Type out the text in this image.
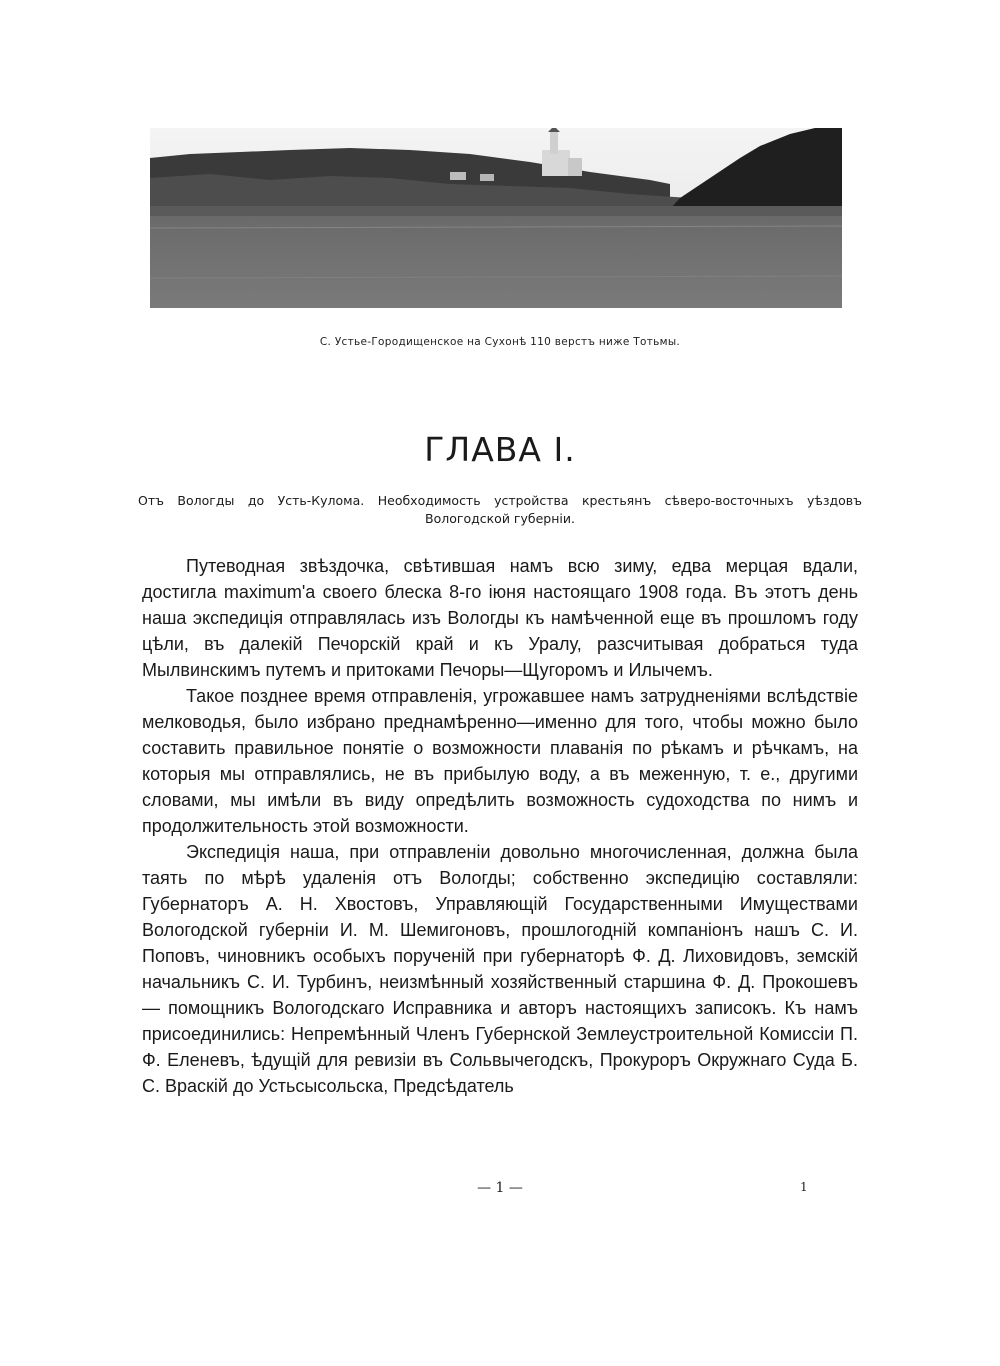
С. Устье-Городищенское на Сухонѣ 110 верстъ ниже Тотьмы.
ГЛАВА I.
Отъ Вологды до Усть-Кулома. Необходимость устройства крестьянъ сѣверо-восточныхъ уѣздовъ Вологодской губерніи.

Путеводная звѣздочка, свѣтившая намъ всю зиму, едва мерцая вдали, достигла maximum'а своего блеска 8-го іюня настоящаго 1908 года. Въ этотъ день наша экспедиція отправлялась изъ Вологды къ намѣченной еще въ прошломъ году цѣли, въ далекій Печорскій край и къ Уралу, разсчитывая добраться туда Мылвинскимъ путемъ и притоками Печоры—Щугоромъ и Илычемъ.

Такое позднее время отправленія, угрожавшее намъ затрудненіями вслѣдствіе мелководья, было избрано преднамѣренно—именно для того, чтобы можно было составить правильное понятіе о возможности плаванія по рѣкамъ и рѣчкамъ, на которыя мы отправлялись, не въ прибылую воду, а въ меженную, т. е., другими словами, мы имѣли въ виду опредѣлить возможность судоходства по нимъ и продолжительность этой возможности.

Экспедиція наша, при отправленіи довольно многочисленная, должна была таять по мѣрѣ удаленія отъ Вологды; собственно экспедицію составляли: Губернаторъ А. Н. Хвостовъ, Управляющій Государственными Имуществами Вологодской губерніи И. М. Шемигоновъ, прошлогодній компаніонъ нашъ С. И. Поповъ, чиновникъ особыхъ порученій при губернаторѣ Ф. Д. Лиховидовъ, земскій начальникъ С. И. Турбинъ, неизмѣнный хозяйственный старшина Ф. Д. Прокошевъ — помощникъ Вологодскаго Исправника и авторъ настоящихъ записокъ. Къ намъ присоединились: Непремѣнный Членъ Губернской Землеустроительной Комиссіи П. Ф. Еленевъ, ѣдущій для ревизіи въ Сольвычегодскъ, Прокуроръ Окружнаго Суда Б. С. Враскій до Устьсысольска, Предсѣдатель

— 1 —	1
